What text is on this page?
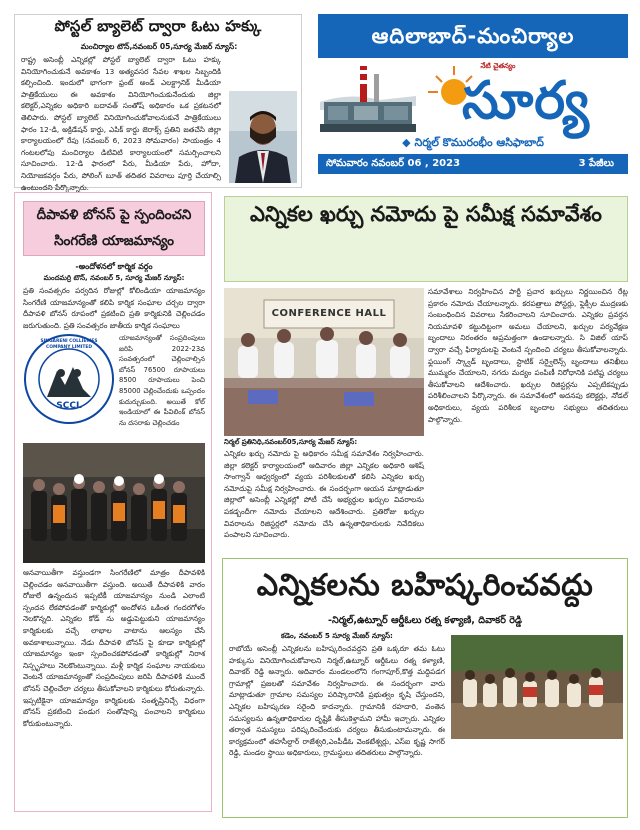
పోస్టల్ బ్యాలెట్ ద్వారా ఓటు హక్కు
మంచిర్యాల టౌన్,నవంబర్ 05,సూర్య మేజర్ న్యూస్:
రాష్ట్ర అసెంబ్లీ ఎన్నికల్లో పోస్టల్ బ్యాలెట్ ద్వారా ఓటు హక్కు వినియోగించుకునే అవకాశం 13 అత్యవసర సేవల శాఖల సిబ్బందికి కల్పించింది. ఇందులో భాగంగా ఫ్రంట్ అండ్ ఎలక్ట్రానిక్ మీడియా పాత్రికేయులు ఈ అవకాశం వినియోగించుకునేందుకు జిల్లా కలెక్టర్,ఎన్నికల అధికారి బదావత్ సంతోష్ అధికారం ఒక ప్రకటనలో తెలిపారు. పోస్టల్ బ్యాలెట్ వినియోగించుకోవాలనుకునే పాత్రికేయులు ఫారం 12-డి, అక్రిడేషన్ కార్డు, ఎపిక్ కార్డు జెరాక్స్ ప్రతిని జతచేసి జిల్లా కార్యాలయంలో రేపు (నవంబర్ 6, 2023 సోమవారం) సాయంత్రం 4 గంటలలోపు మంచిర్యాల డిటివిటి కార్యాలయంలో సమర్పించాలని సూచించారు. 12-డి ఫారంలో పేరు, మీడియా పేరు, హోదా, నియోజకవర్గం పేరు, పోలింగ్ బూత్ తదితర వివరాలు పూర్తి చేయాల్సి ఉంటుందని పేర్కొన్నారు.
ఆదిలాబాద్-మంచిర్యాల
నేటి చైతన్యం
సూర్య
◆ నిర్మల్ కొమురంభీం ఆసిఫాబాద్
సోమవారం నవంబర్ 06 , 2023	3 పేజీలు
దీపావళి బోనస్ పై స్పందించని
సింగరేణి యాజమాన్యం
-అందోళనలో కార్మిక వర్గం
మందమర్రి టౌన్, నవంబర్ 5, సూర్య మేజర్ న్యూస్:
ప్రతి సంవత్సరం పర్వదిన రోజుల్లో కోలిండియా యాజమాన్యం సింగరేణి యాజమాన్యంతో కలిపి కార్మిక సంఘాల చర్చల ద్వారా దీపావళి బోనస్ రూపంలో ప్రకటించి ప్రతి కార్మికునికి చెల్లించడం జరుగుతుంది. ప్రతి సంవత్సరం జాతీయ కార్మిక సంఘాలు
SCCL
SINGARENI COLLIERIES COMPANY LIMITED
యాజమాన్యంతో సంప్రదింపులు జరిపి 2022-23వ సంవత్సరంలో చెల్లించాల్సిన బోనస్ 76500 రూపాయలు 8500 రూపాయలు పెంచి 85000 చెల్లించేందుకు ఒప్పందం కుదుర్చుకుంది. అయితే కోల్ ఇండియాలో ఈ పీవిలింక్ బోనస్ ను దసరాకు చెల్లించడం
ఆనవాయితీగా వస్తుండగా సింగరేణిలో మాత్రం దీపావళికి చెల్లించడం ఆనవాయితీగా వస్తుంది. అయితే దీపావళికి వారం రోజులే ఉన్నందున ఇప్పటికీ యాజమాన్యం నుండి ఎలాంటి స్పందన లేకపోవడంతో కార్మికుల్లో అందోళన ఒకింత గందరగోళం నెలకొన్నది. ఎన్నికల కోడ్ ను అడ్డుపెట్టుకుని యాజమాన్యం కార్మికులకు వచ్చే లాభాల వాటాను ఆలస్యం చేసే అవకాశాలున్నాయి. నేడు దీపావళి బోనస్ పై కూడా కార్మికుల్లో యాజమాన్యం ఇంకా స్పందించకపోవడంతో కార్మికుల్లో నిరాశ నిస్పృహలు నెలకొంటున్నాయి. మళ్లీ కార్మిక సంఘాల నాయకులు వెంటనే యాజమాన్యంతో సంప్రదింపులు జరిపి దీపావళికి ముందే బోనస్ చెల్లించేలా చర్యలు తీసుకోవాలని కార్మికులు కోరుతున్నారు. ఇప్పటికైనా యాజమాన్యం కార్మికులకు సంతృప్తినిచ్చే విధంగా బోనస్ ప్రకటించి పండుగ సంతోషాన్ని పంచాలని కార్మికులు కోరుకుంటున్నారు.
ఎన్నికల ఖర్చు నమోదు పై సమీక్ష సమావేశం
CONFERENCE HALL
నిర్మల్ ప్రతినిధి,నవంబర్05,సూర్య మేజర్ న్యూస్:
ఎన్నికల ఖర్చు నమోదు పై అధికారం సమీక్ష సమావేశం నిర్వహించారు. జిల్లా కలెక్టర్ కార్యాలయంలో ఆదివారం జిల్లా ఎన్నికల అధికారి ఆశిష్ సాంగ్వాన్ ఆధ్వర్యంలో వ్యయ పరిశీలకులతో కలిసి ఎన్నికల ఖర్చు నమోదుపై సమీక్ష నిర్వహించారు. ఈ సందర్భంగా ఆయన మాట్లాడుతూ జిల్లాలో అసెంబ్లీ ఎన్నికల్లో పోటీ చేసే అభ్యర్థుల ఖర్చుల వివరాలను పకడ్బందీగా నమోదు చేయాలని ఆదేశించారు. ప్రతిరోజు ఖర్చుల వివరాలను రిజిస్టర్లలో నమోదు చేసి ఉన్నతాధికారులకు నివేదికలు పంపాలని సూచించారు.
సమావేశాలు నిర్వహించిన పార్టీ ప్రచార ఖర్చులు నిర్ణయించిన రేట్ల ప్రకారం నమోదు చేయాలన్నారు. కరపత్రాలు పోస్టర్లు, ఫ్లెక్సీల ముద్రణకు సంబంధించిన వివరాలు సేకరించాలని సూచించారు. ఎన్నికల ప్రవర్తన నియమావళి కట్టుదిట్టంగా అమలు చేయాలని, ఖర్చుల పర్యవేక్షణ బృందాలు నిరంతరం అప్రమత్తంగా ఉండాలన్నారు. సి విజిల్ యాప్ ద్వారా వచ్చే ఫిర్యాదులపై వెంటనే స్పందించి చర్యలు తీసుకోవాలన్నారు. ఫ్లయింగ్ స్క్వాడ్ బృందాలు, స్టాటిక్ సర్వైలెన్స్ బృందాలు తనిఖీలు ముమ్మరం చేయాలని, నగదు మద్యం పంపిణీ నిరోధానికి పటిష్ట చర్యలు తీసుకోవాలని ఆదేశించారు. ఖర్చుల రిజిస్టర్లను ఎప్పటికప్పుడు పరిశీలించాలని పేర్కొన్నారు. ఈ సమావేశంలో అదనపు కలెక్టర్లు, నోడల్ అధికారులు, వ్యయ పరిశీలక బృందాల సభ్యులు తదితరులు పాల్గొన్నారు.
ఎన్నికలను బహిష్కరించవద్దు
-నిర్మల్,ఉట్నూర్ ఆర్డీఓలు రత్న కళ్యాణి, దివాకర్ రెడ్డి
కడెం, నవంబర్ 5 సూర్య మేజర్ న్యూస్:
రాబోయే అసెంబ్లీ ఎన్నికలను బహిష్కరించవద్దని ప్రతి ఒక్కరూ తమ ఓటు హక్కును వినియోగించుకోవాలని నిర్మల్,ఉట్నూర్ ఆర్డీఓలు రత్న కళ్యాణి, దివాకర్ రెడ్డి అన్నారు. ఆదివారం మండలంలోని గంగాపూర్,కొత్త మద్దిపడగ గ్రామాల్లో ప్రజలతో సమావేశం నిర్వహించారు. ఈ సందర్భంగా వారు మాట్లాడుతూ గ్రామాల సమస్యల పరిష్కారానికి ప్రభుత్వం కృషి చేస్తుందని, ఎన్నికల బహిష్కరణ సరైంది కాదన్నారు. గ్రామానికి రహదారి, వంతెన సమస్యలను ఉన్నతాధికారుల దృష్టికి తీసుకెళ్తామని హామీ ఇచ్చారు. ఎన్నికల తర్వాత సమస్యలు పరిష్కరించేందుకు చర్యలు తీసుకుంటామన్నారు. ఈ కార్యక్రమంలో తహసీల్దార్ రాజేశ్వరి,ఎంపీడీఓ వెంకటేశ్వర్లు, ఎస్ఐ కృష్ణ సాగర్ రెడ్డి, మండల స్థాయి అధికారులు, గ్రామస్థులు తదితరులు పాల్గొన్నారు.
